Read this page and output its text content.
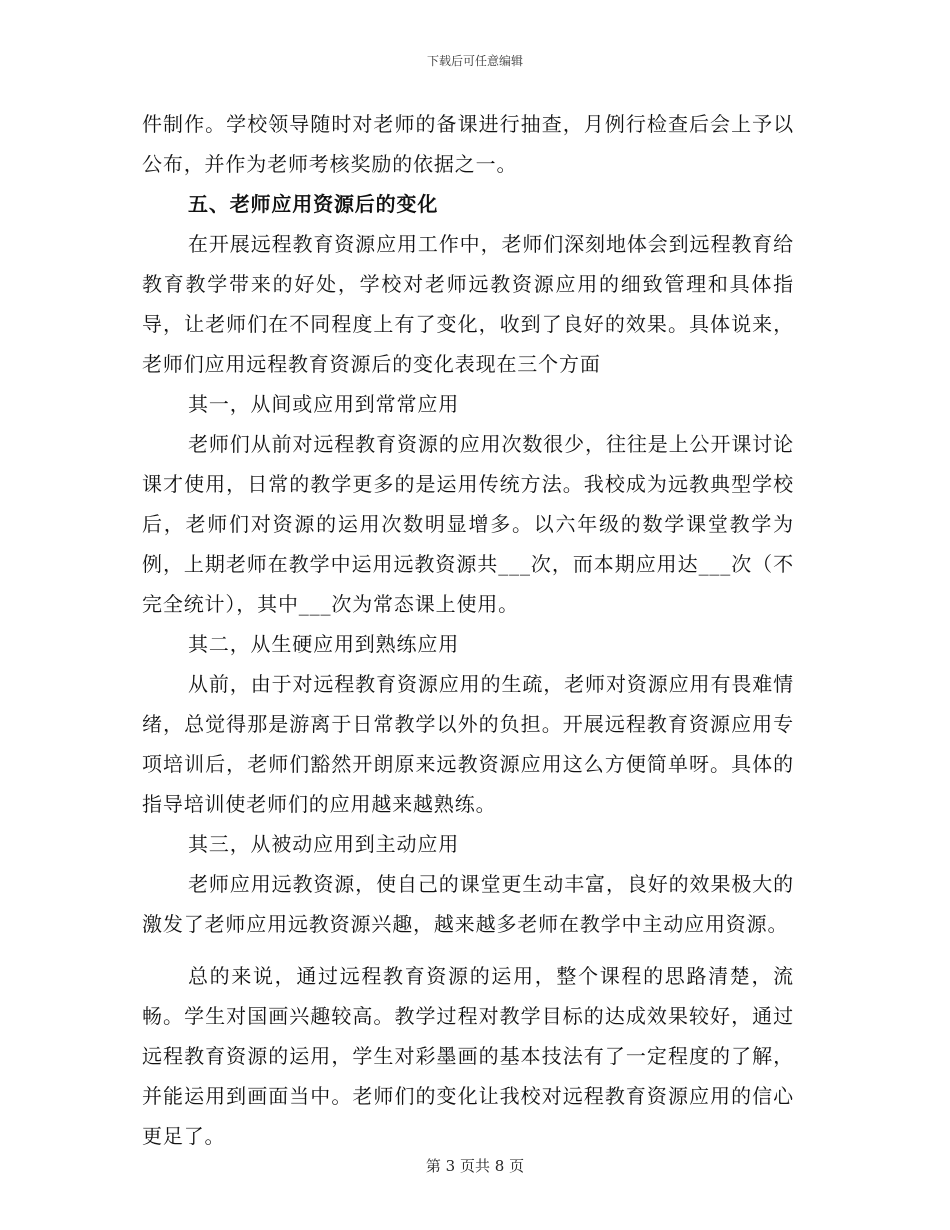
下载后可任意编辑

件制作。学校领导随时对老师的备课进行抽查，月例行检查后会上予以公布，并作为老师考核奖励的依据之一。

五、老师应用资源后的变化

在开展远程教育资源应用工作中，老师们深刻地体会到远程教育给教育教学带来的好处，学校对老师远教资源应用的细致管理和具体指导，让老师们在不同程度上有了变化，收到了良好的效果。具体说来，老师们应用远程教育资源后的变化表现在三个方面

其一，从间或应用到常常应用

老师们从前对远程教育资源的应用次数很少，往往是上公开课讨论课才使用，日常的教学更多的是运用传统方法。我校成为远教典型学校后，老师们对资源的运用次数明显增多。以六年级的数学课堂教学为例，上期老师在教学中运用远教资源共___次，而本期应用达___次（不完全统计），其中___次为常态课上使用。

其二，从生硬应用到熟练应用

从前，由于对远程教育资源应用的生疏，老师对资源应用有畏难情绪，总觉得那是游离于日常教学以外的负担。开展远程教育资源应用专项培训后，老师们豁然开朗原来远教资源应用这么方便简单呀。具体的指导培训使老师们的应用越来越熟练。

其三，从被动应用到主动应用

老师应用远教资源，使自己的课堂更生动丰富，良好的效果极大的激发了老师应用远教资源兴趣，越来越多老师在教学中主动应用资源。

总的来说，通过远程教育资源的运用，整个课程的思路清楚，流畅。学生对国画兴趣较高。教学过程对教学目标的达成效果较好，通过远程教育资源的运用，学生对彩墨画的基本技法有了一定程度的了解，并能运用到画面当中。老师们的变化让我校对远程教育资源应用的信心更足了。

第 3 页共 8 页
